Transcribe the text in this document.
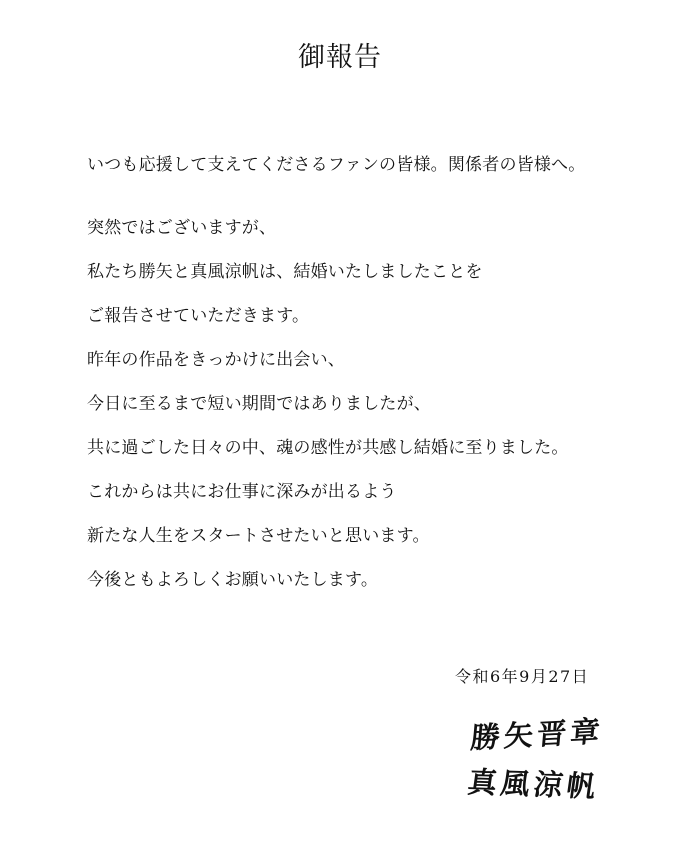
御報告
いつも応援して支えてくださるファンの皆様。関係者の皆様へ。
突然ではございますが、
私たち勝矢と真風涼帆は、結婚いたしましたことを
ご報告させていただきます。
昨年の作品をきっかけに出会い、
今日に至るまで短い期間ではありましたが、
共に過ごした日々の中、魂の感性が共感し結婚に至りました。
これからは共にお仕事に深みが出るよう
新たな人生をスタートさせたいと思います。
今後ともよろしくお願いいたします。
令和6年9月27日
勝矢晋章
真風涼帆
